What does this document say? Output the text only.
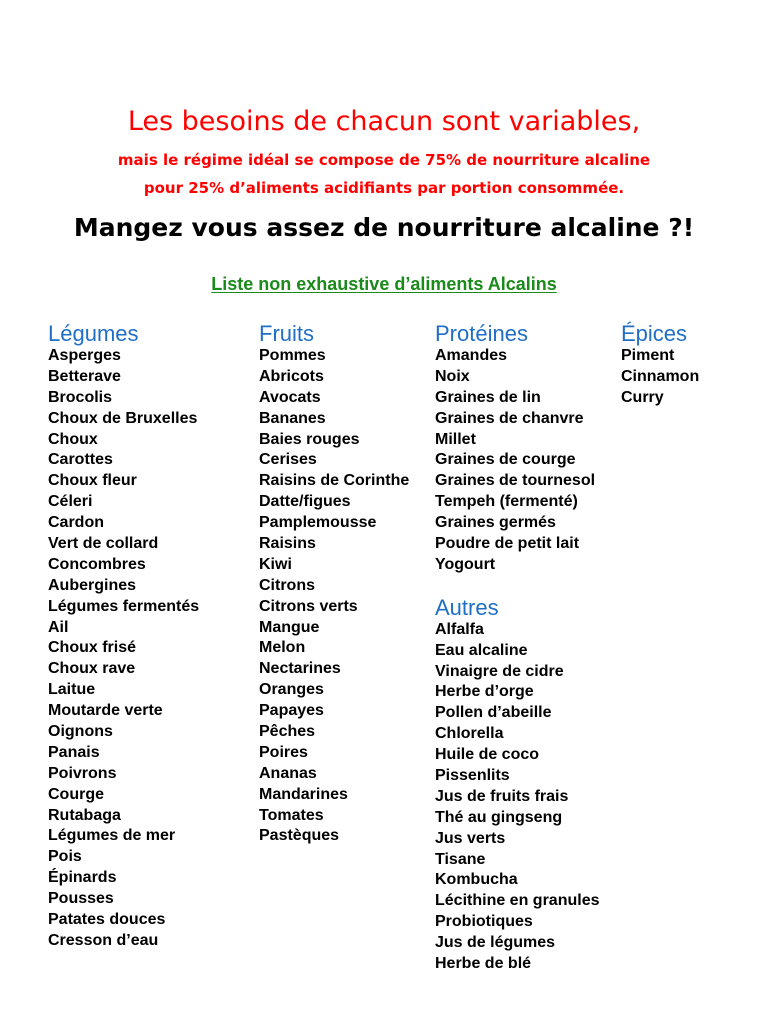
Les besoins de chacun sont variables,
mais le régime idéal se compose de 75% de nourriture alcaline
pour 25% d’aliments acidifiants par portion consommée.
Mangez vous assez de nourriture alcaline ?!
Liste non exhaustive d’aliments Alcalins
Légumes
Asperges
Betterave
Brocolis
Choux de Bruxelles
Choux
Carottes
Choux fleur
Céleri
Cardon
Vert de collard
Concombres
Aubergines
Légumes fermentés
Ail
Choux frisé
Choux rave
Laitue
Moutarde verte
Oignons
Panais
Poivrons
Courge
Rutabaga
Légumes de mer
Pois
Épinards
Pousses
Patates douces
Cresson d’eau
Fruits
Pommes
Abricots
Avocats
Bananes
Baies rouges
Cerises
Raisins de Corinthe
Datte/figues
Pamplemousse
Raisins
Kiwi
Citrons
Citrons verts
Mangue
Melon
Nectarines
Oranges
Papayes
Pêches
Poires
Ananas
Mandarines
Tomates
Pastèques
Protéines
Amandes
Noix
Graines de lin
Graines de chanvre
Millet
Graines de courge
Graines de tournesol
Tempeh (fermenté)
Graines germés
Poudre de petit lait
Yogourt
Autres
Alfalfa
Eau alcaline
Vinaigre de cidre
Herbe d’orge
Pollen d’abeille
Chlorella
Huile de coco
Pissenlits
Jus de fruits frais
Thé au gingseng
Jus verts
Tisane
Kombucha
Lécithine en granules
Probiotiques
Jus de légumes
Herbe de blé
Épices
Piment
Cinnamon
Curry
